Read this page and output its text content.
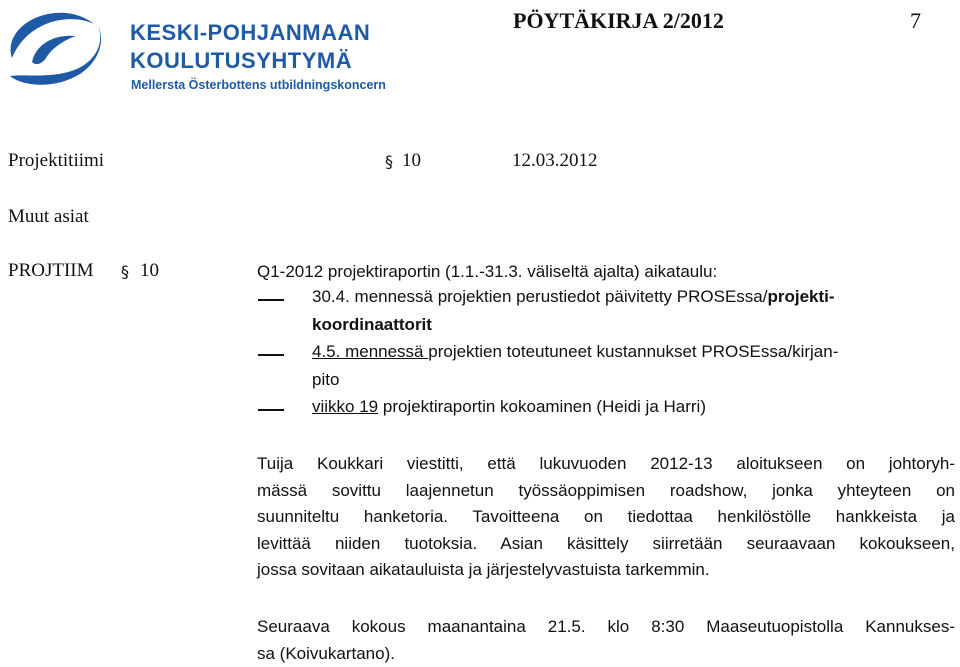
KESKI-POHJANMAAN
KOULUTUSYHTYMÄ
Mellersta Österbottens utbildningskoncern
PÖYTÄKIRJA 2/2012	7
Projektitiimi	§ 10	12.03.2012
Muut asiat
PROJTIIM § 10	Q1-2012 projektiraportin (1.1.-31.3. väliseltä ajalta) aikataulu:
30.4. mennessä projektien perustiedot päivitetty PROSEssa/projekti-
koordinaattorit
4.5. mennessä projektien toteutuneet kustannukset PROSEssa/kirjan-
pito
viikko 19 projektiraportin kokoaminen (Heidi ja Harri)
Tuija Koukkari viestitti, että lukuvuoden 2012-13 aloitukseen on johtoryh-
mässä sovittu laajennetun työssäoppimisen roadshow, jonka yhteyteen on
suunniteltu hanketoria. Tavoitteena on tiedottaa henkilöstölle hankkeista ja
levittää niiden tuotoksia. Asian käsittely siirretään seuraavaan kokoukseen,
jossa sovitaan aikatauluista ja järjestelyvastuista tarkemmin.
Seuraava kokous maanantaina 21.5. klo 8:30 Maaseutuopistolla Kannukses-
sa (Koivukartano).
